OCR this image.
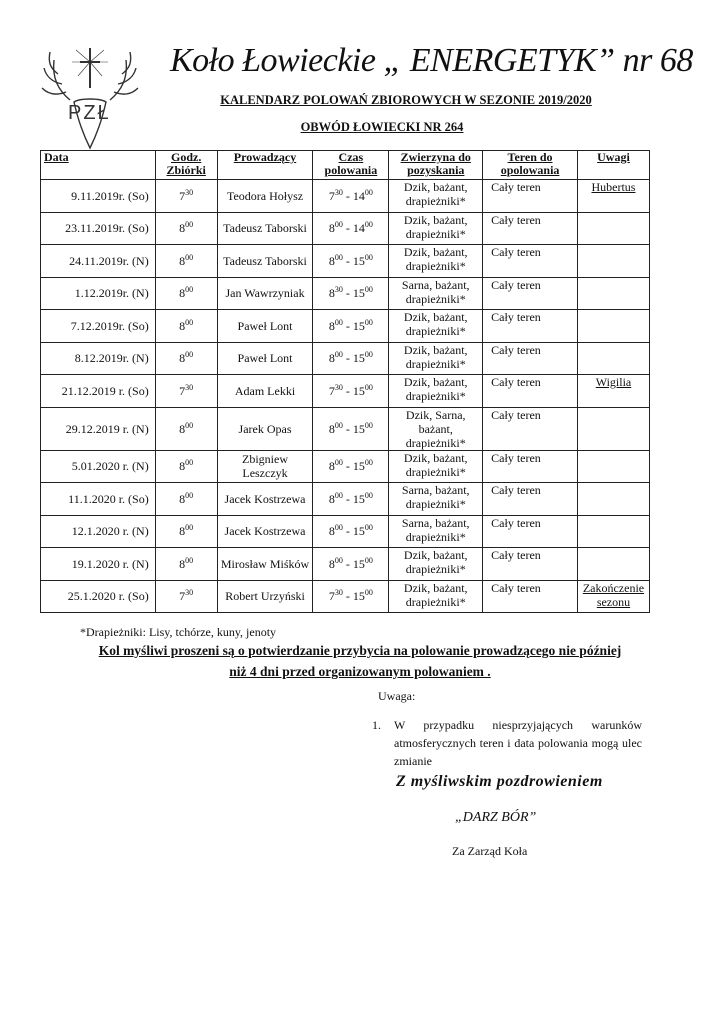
PZŁ
Koło Łowieckie „ ENERGETYK” nr 68
KALENDARZ POLOWAŃ ZBIOROWYCH W SEZONIE 2019/2020
OBWÓD ŁOWIECKI NR 264
Data	Godz. Zbiórki	Prowadzący	Czas polowania	Zwierzyna do pozyskania	Teren do opolowania	Uwagi
9.11.2019r. (So)	$7^{30}$	Teodora Hołysz	$7^{30} - 14^{00}$	Dzik, bażant, drapieżniki*	Cały teren	Hubertus
23.11.2019r. (So)	$8^{00}$	Tadeusz Taborski	$8^{00} - 14^{00}$	Dzik, bażant, drapieżniki*	Cały teren	
24.11.2019r. (N)	$8^{00}$	Tadeusz Taborski	$8^{00} - 15^{00}$	Dzik, bażant, drapieżniki*	Cały teren	
1.12.2019r. (N)	$8^{00}$	Jan Wawrzyniak	$8^{30} - 15^{00}$	Sarna, bażant, drapieżniki*	Cały teren	
7.12.2019r. (So)	$8^{00}$	Paweł Lont	$8^{00} - 15^{00}$	Dzik, bażant, drapieżniki*	Cały teren	
8.12.2019r. (N)	$8^{00}$	Paweł Lont	$8^{00} - 15^{00}$	Dzik, bażant, drapieżniki*	Cały teren	
21.12.2019 r. (So)	$7^{30}$	Adam Lekki	$7^{30} - 15^{00}$	Dzik, bażant, drapieżniki*	Cały teren	Wigilia
29.12.2019 r. (N)	$8^{00}$	Jarek Opas	$8^{00} - 15^{00}$	Dzik, Sarna, bażant, drapieżniki*	Cały teren	
5.01.2020 r. (N)	$8^{00}$	Zbigniew Leszczyk	$8^{00} - 15^{00}$	Dzik, bażant, drapieżniki*	Cały teren	
11.1.2020 r. (So)	$8^{00}$	Jacek Kostrzewa	$8^{00} - 15^{00}$	Sarna, bażant, drapieżniki*	Cały teren	
12.1.2020 r. (N)	$8^{00}$	Jacek Kostrzewa	$8^{00} - 15^{00}$	Sarna, bażant, drapieżniki*	Cały teren	
19.1.2020 r. (N)	$8^{00}$	Mirosław Miśków	$8^{00} - 15^{00}$	Dzik, bażant, drapieżniki*	Cały teren	
25.1.2020 r. (So)	$7^{30}$	Robert Urzyński	$7^{30} - 15^{00}$	Dzik, bażant, drapieżniki*	Cały teren	Zakończenie sezonu
*Drapieżniki: Lisy, tchórze, kuny, jenoty
Kol myśliwi proszeni są o potwierdzanie przybycia na polowanie prowadzącego nie później niż 4 dni przed organizowanym polowaniem .
Uwaga:
1. W przypadku niesprzyjających warunków atmosferycznych teren i data polowania mogą ulec zmianie
Z myśliwskim pozdrowieniem
„DARZ BÓR”
Za Zarząd Koła
